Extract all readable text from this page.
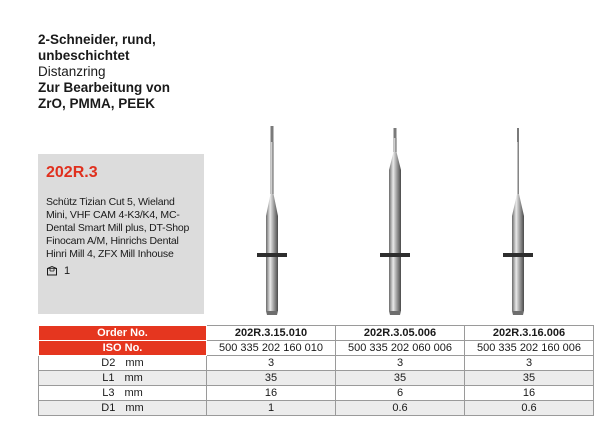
2-Schneider, rund,
unbeschichtet
Distanzring
Zur Bearbeitung von
ZrO, PMMA, PEEK
202R.3
Schütz Tizian Cut 5, Wieland Mini, VHF CAM 4-K3/K4, MC-Dental Smart Mill plus, DT-Shop Finocam A/M, Hinrichs Dental Hinri Mill 4, ZFX Mill Inhouse
1
Order No.	202R.3.15.010	202R.3.05.006	202R.3.16.006
ISO No.	500 335 202 160 010	500 335 202 060 006	500 335 202 160 006
D2 mm	3	3	3
L1 mm	35	35	35
L3 mm	16	6	16
D1 mm	1	0.6	0.6
